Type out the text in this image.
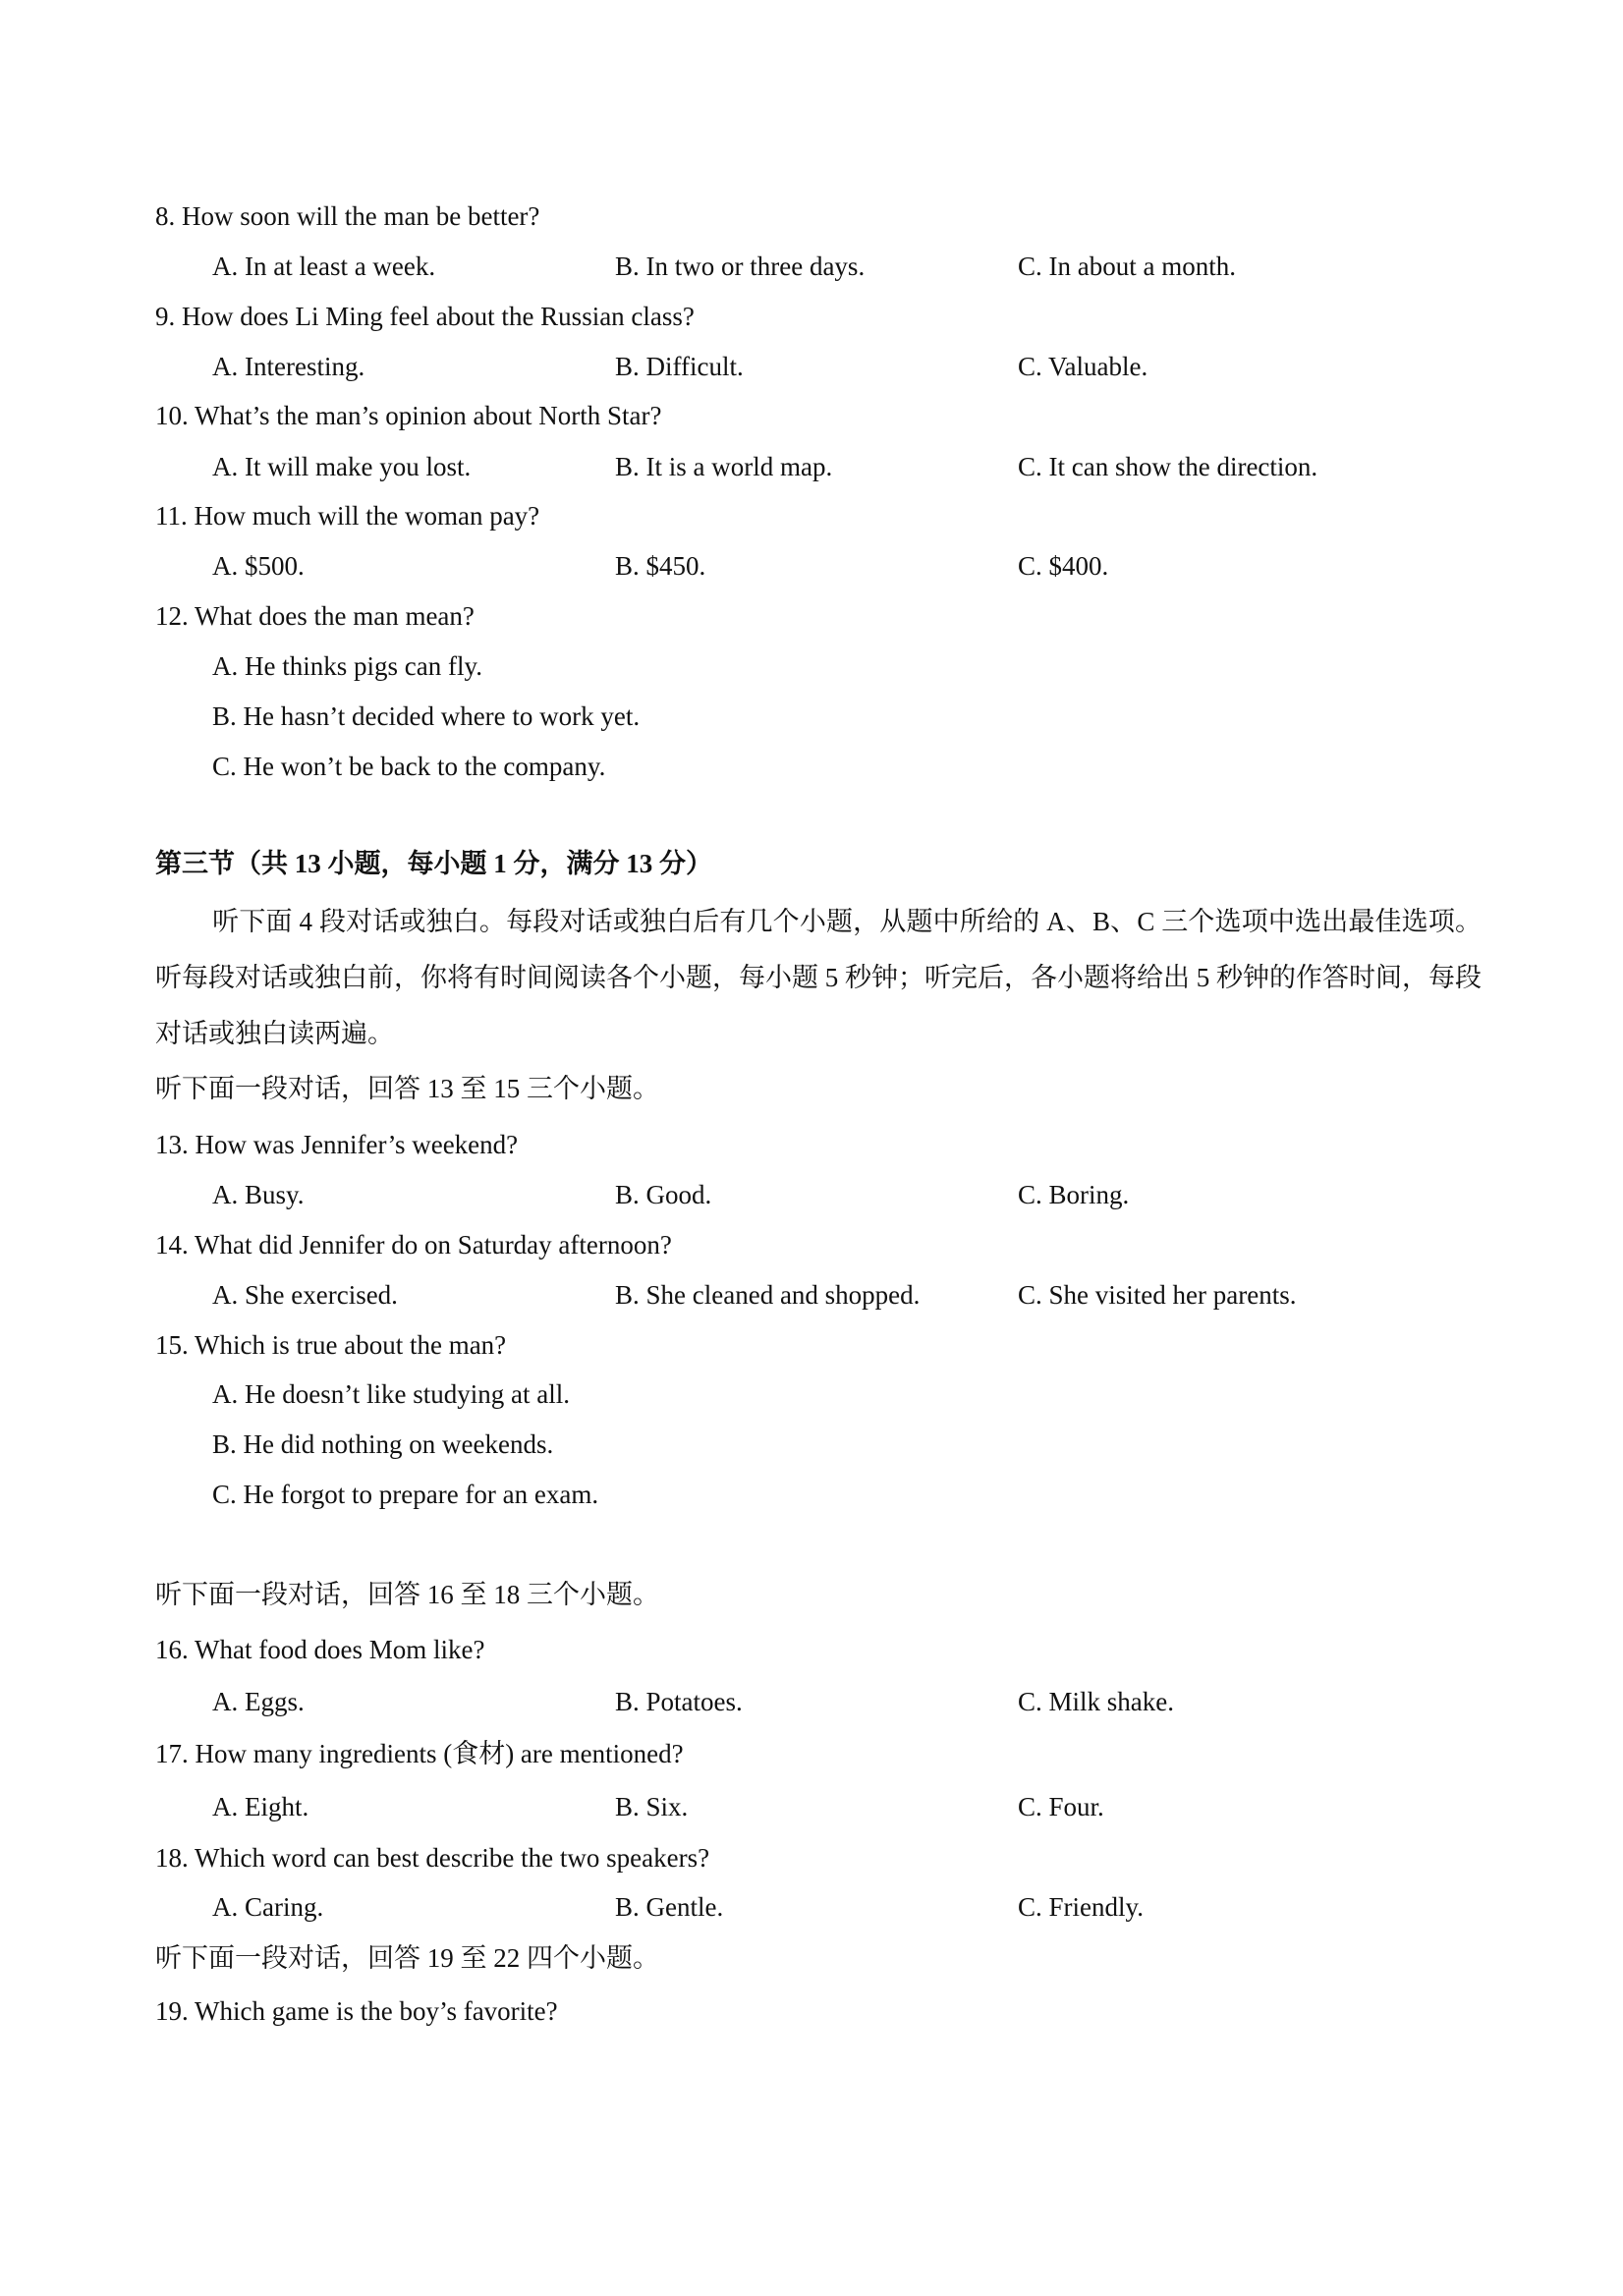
8. How soon will the man be better?
A. In at least a week.	B. In two or three days.	C. In about a month.
9. How does Li Ming feel about the Russian class?
A. Interesting.	B. Difficult.	C. Valuable.
10. What’s the man’s opinion about North Star?
A. It will make you lost.	B. It is a world map.	C. It can show the direction.
11. How much will the woman pay?
A. $500.	B. $450.	C. $400.
12. What does the man mean?
A. He thinks pigs can fly.
B. He hasn’t decided where to work yet.
C. He won’t be back to the company.
第三节（共 13 小题，每小题 1 分，满分 13 分）
听下面 4 段对话或独白。每段对话或独白后有几个小题，从题中所给的 A、B、C 三个选项中选出最佳选项。听每段对话或独白前，你将有时间阅读各个小题，每小题 5 秒钟；听完后，各小题将给出 5 秒钟的作答时间，每段对话或独白读两遍。
听下面一段对话，回答 13 至 15 三个小题。
13. How was Jennifer’s weekend?
A. Busy.	B. Good.	C. Boring.
14. What did Jennifer do on Saturday afternoon?
A. She exercised.	B. She cleaned and shopped.	C. She visited her parents.
15. Which is true about the man?
A. He doesn’t like studying at all.
B. He did nothing on weekends.
C. He forgot to prepare for an exam.
听下面一段对话，回答 16 至 18 三个小题。
16. What food does Mom like?
A. Eggs.	B. Potatoes.	C. Milk shake.
17. How many ingredients (食材) are mentioned?
A. Eight.	B. Six.	C. Four.
18. Which word can best describe the two speakers?
A. Caring.	B. Gentle.	C. Friendly.
听下面一段对话，回答 19 至 22 四个小题。
19. Which game is the boy’s favorite?
